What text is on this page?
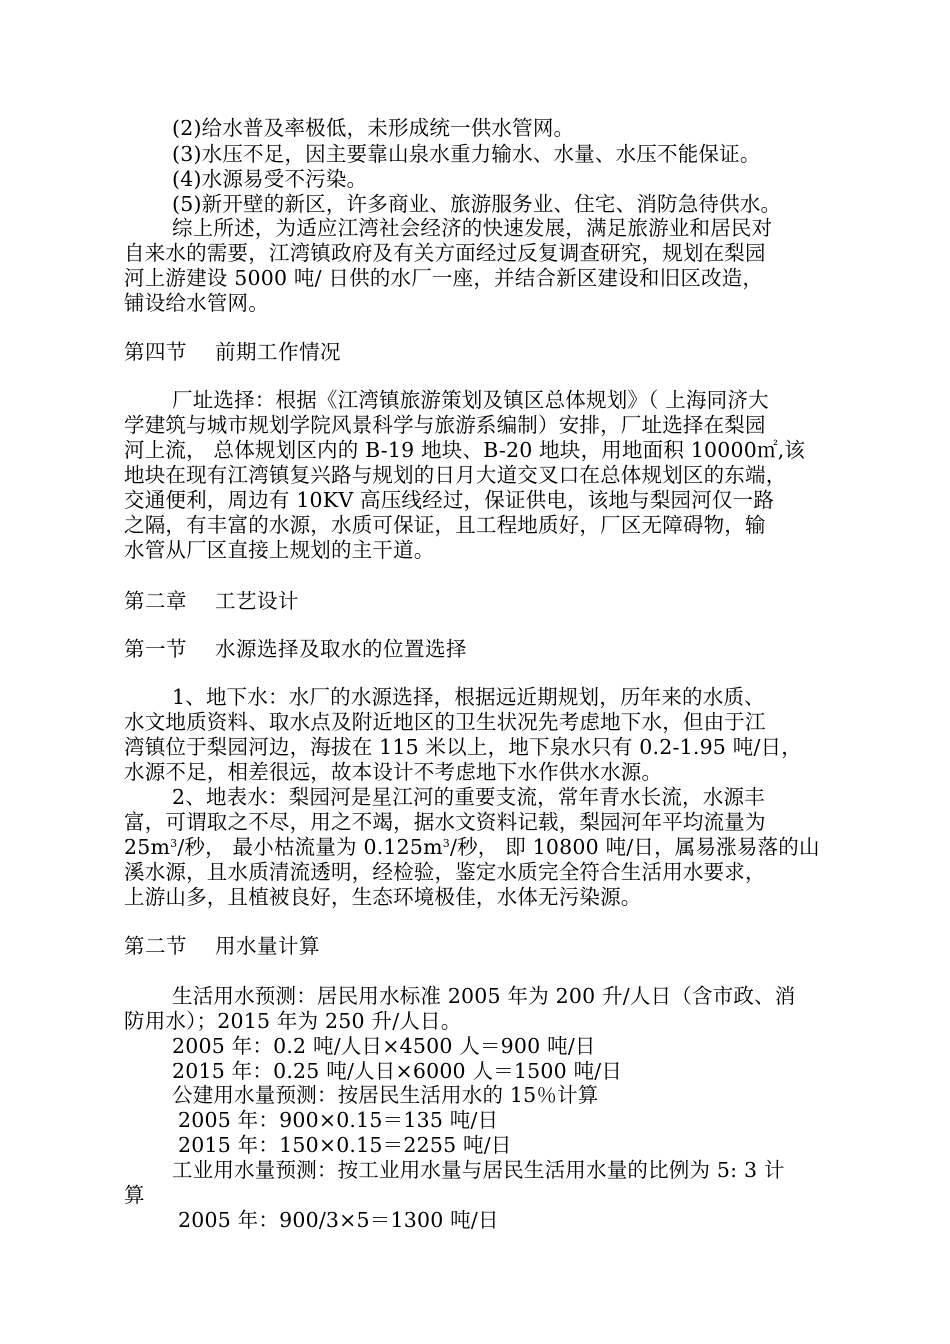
(2)给水普及率极低，未形成统一供水管网。
(3)水压不足，因主要靠山泉水重力输水、水量、水压不能保证。
(4)水源易受不污染。
(5)新开壁的新区，许多商业、旅游服务业、住宅、消防急待供水。
综上所述，为适应江湾社会经济的快速发展，满足旅游业和居民对
自来水的需要，江湾镇政府及有关方面经过反复调查研究，规划在梨园
河上游建设 5000 吨/ 日供的水厂一座，并结合新区建设和旧区改造，
铺设给水管网。
第四节　 前期工作情况
厂址选择：根据《江湾镇旅游策划及镇区总体规划》（ 上海同济大
学建筑与城市规划学院风景科学与旅游系编制）安排，厂址选择在梨园
河上流， 总体规划区内的 B-19 地块、B-20 地块，用地面积 10000㎡,该
地块在现有江湾镇复兴路与规划的日月大道交叉口在总体规划区的东端，
交通便利，周边有 10KV 高压线经过，保证供电，该地与梨园河仅一路
之隔，有丰富的水源，水质可保证，且工程地质好，厂区无障碍物，输
水管从厂区直接上规划的主干道。
第二章　 工艺设计
第一节　 水源选择及取水的位置选择
1、地下水：水厂的水源选择，根据远近期规划，历年来的水质、
水文地质资料、取水点及附近地区的卫生状况先考虑地下水，但由于江
湾镇位于梨园河边，海拔在 115 米以上，地下泉水只有 0.2-1.95 吨/日，
水源不足，相差很远，故本设计不考虑地下水作供水水源。
2、地表水：梨园河是星江河的重要支流，常年青水长流，水源丰
富，可谓取之不尽，用之不竭，据水文资料记载，梨园河年平均流量为
$25m^3/$秒， 最小枯流量为 $0.125m^3/$秒， 即 10800 吨/日，属易涨易落的山
溪水源，且水质清流透明，经检验，鉴定水质完全符合生活用水要求，
上游山多，且植被良好，生态环境极佳，水体无污染源。
第二节　 用水量计算
生活用水预测：居民用水标准 2005 年为 200 升/人日（含市政、消
防用水）；2015 年为 250 升/人日。
2005 年：0.2 吨/人日×4500 人＝900 吨/日
2015 年：0.25 吨/人日×6000 人＝1500 吨/日
公建用水量预测：按居民生活用水的 15％计算
2005 年：900×0.15＝135 吨/日
2015 年：150×0.15＝2255 吨/日
工业用水量预测：按工业用水量与居民生活用水量的比例为 5: 3 计
算
2005 年：900/3×5＝1300 吨/日
